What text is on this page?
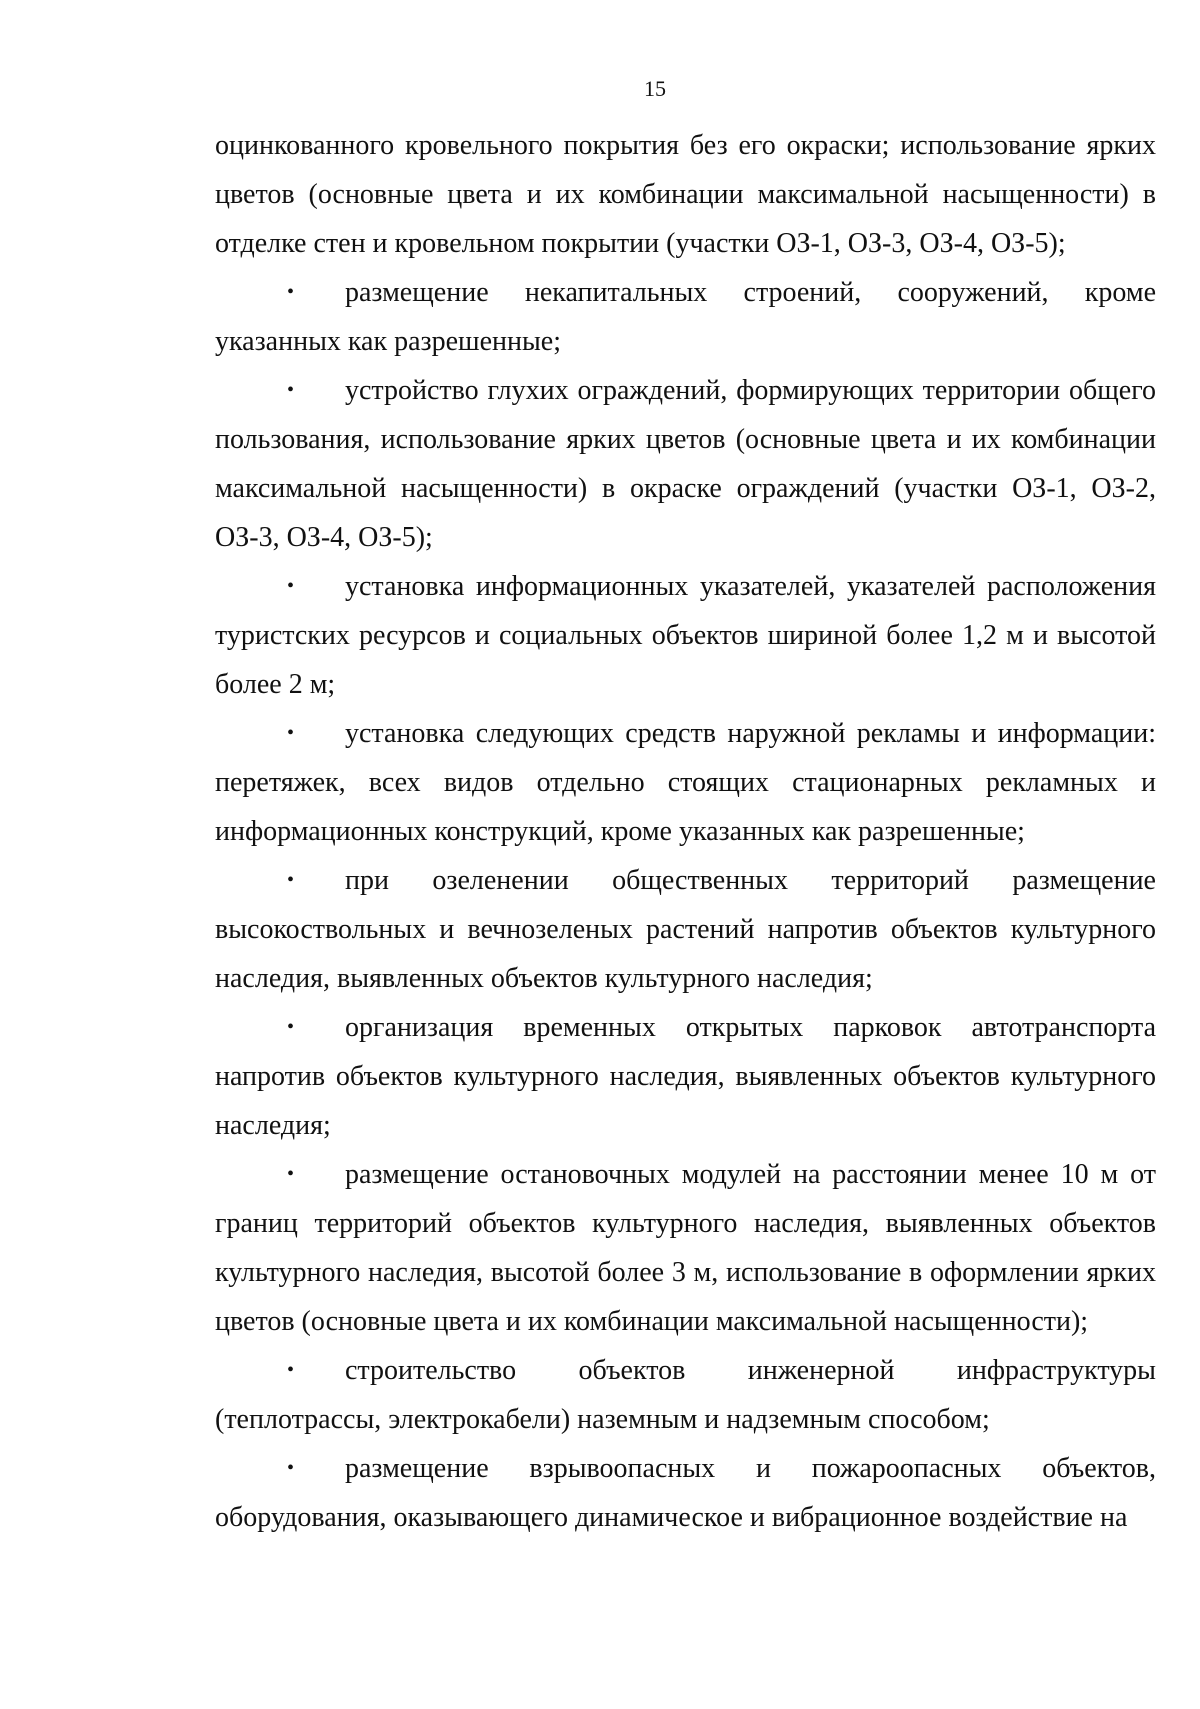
15

оцинкованного кровельного покрытия без его окраски; использование ярких цветов (основные цвета и их комбинации максимальной насыщенности) в отделке стен и кровельном покрытии (участки ОЗ-1, ОЗ-3, ОЗ-4, ОЗ-5);

• размещение некапитальных строений, сооружений, кроме указанных как разрешенные;

• устройство глухих ограждений, формирующих территории общего пользования, использование ярких цветов (основные цвета и их комбинации максимальной насыщенности) в окраске ограждений (участки ОЗ-1, ОЗ-2, ОЗ-3, ОЗ-4, ОЗ-5);

• установка информационных указателей, указателей расположения туристских ресурсов и социальных объектов шириной более 1,2 м и высотой более 2 м;

• установка следующих средств наружной рекламы и информации: перетяжек, всех видов отдельно стоящих стационарных рекламных и информационных конструкций, кроме указанных как разрешенные;

• при озеленении общественных территорий размещение высокоствольных и вечнозеленых растений напротив объектов культурного наследия, выявленных объектов культурного наследия;

• организация временных открытых парковок автотранспорта напротив объектов культурного наследия, выявленных объектов культурного наследия;

• размещение остановочных модулей на расстоянии менее 10 м от границ территорий объектов культурного наследия, выявленных объектов культурного наследия, высотой более 3 м, использование в оформлении ярких цветов (основные цвета и их комбинации максимальной насыщенности);

• строительство объектов инженерной инфраструктуры (теплотрассы, электрокабели) наземным и надземным способом;

• размещение взрывоопасных и пожароопасных объектов, оборудования, оказывающего динамическое и вибрационное воздействие на
